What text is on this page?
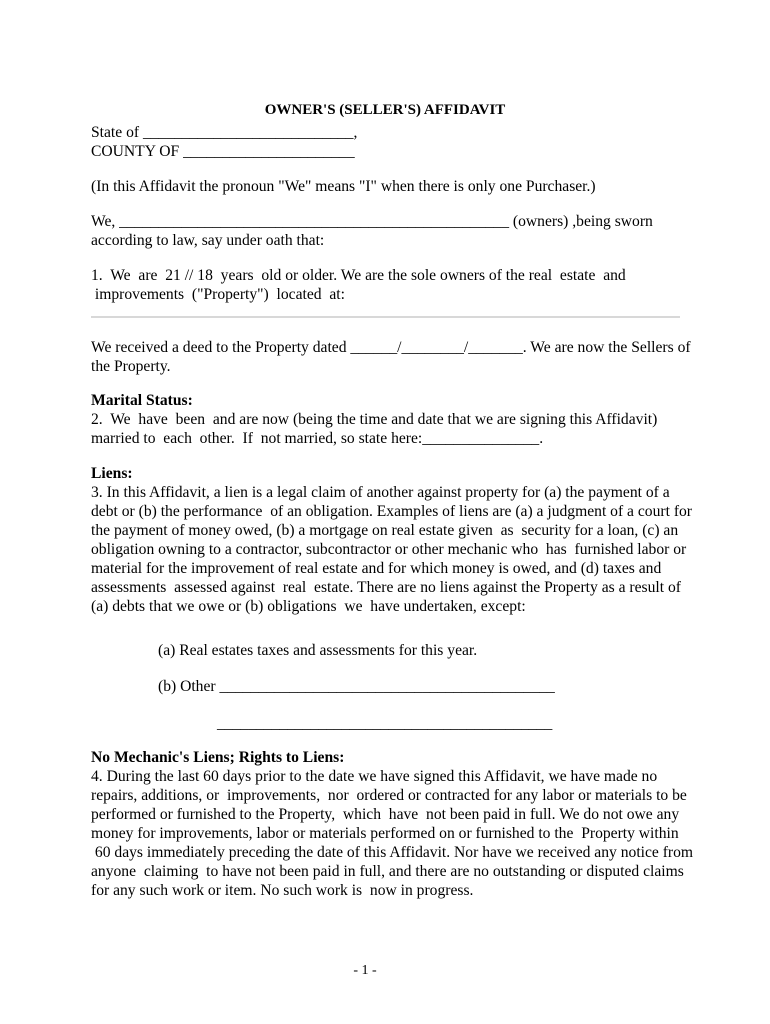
OWNER'S (SELLER'S) AFFIDAVIT
State of ___________________________,
COUNTY OF ______________________
(In this Affidavit the pronoun "We" means "I" when there is only one Purchaser.)
We, __________________________________________________ (owners) ,being sworn
according to law, say under oath that:
1.  We  are  21 // 18  years  old or older. We are the sole owners of the real  estate  and
improvements  ("Property")  located  at:
We received a deed to the Property dated ______/________/_______. We are now the Sellers of
the Property.
Marital Status:
2.  We  have  been  and are now (being the time and date that we are signing this Affidavit)
married to  each  other.  If  not married, so state here:_______________.
Liens:
3. In this Affidavit, a lien is a legal claim of another against property for (a) the payment of a
debt or (b) the performance  of an obligation. Examples of liens are (a) a judgment of a court for
the payment of money owed, (b) a mortgage on real estate given  as  security for a loan, (c) an
obligation owning to a contractor, subcontractor or other mechanic who  has  furnished labor or
material for the improvement of real estate and for which money is owed, and (d) taxes and
assessments  assessed against  real  estate. There are no liens against the Property as a result of
(a) debts that we owe or (b) obligations  we  have undertaken, except:
(a) Real estates taxes and assessments for this year.
(b) Other ___________________________________________
___________________________________________
No Mechanic's Liens; Rights to Liens:
4. During the last 60 days prior to the date we have signed this Affidavit, we have made no
repairs, additions, or  improvements,  nor  ordered or contracted for any labor or materials to be
performed or furnished to the Property,  which  have  not been paid in full. We do not owe any
money for improvements, labor or materials performed on or furnished to the  Property within
60 days immediately preceding the date of this Affidavit. Nor have we received any notice from
anyone  claiming  to have not been paid in full, and there are no outstanding or disputed claims
for any such work or item. No such work is  now in progress.
- 1 -
